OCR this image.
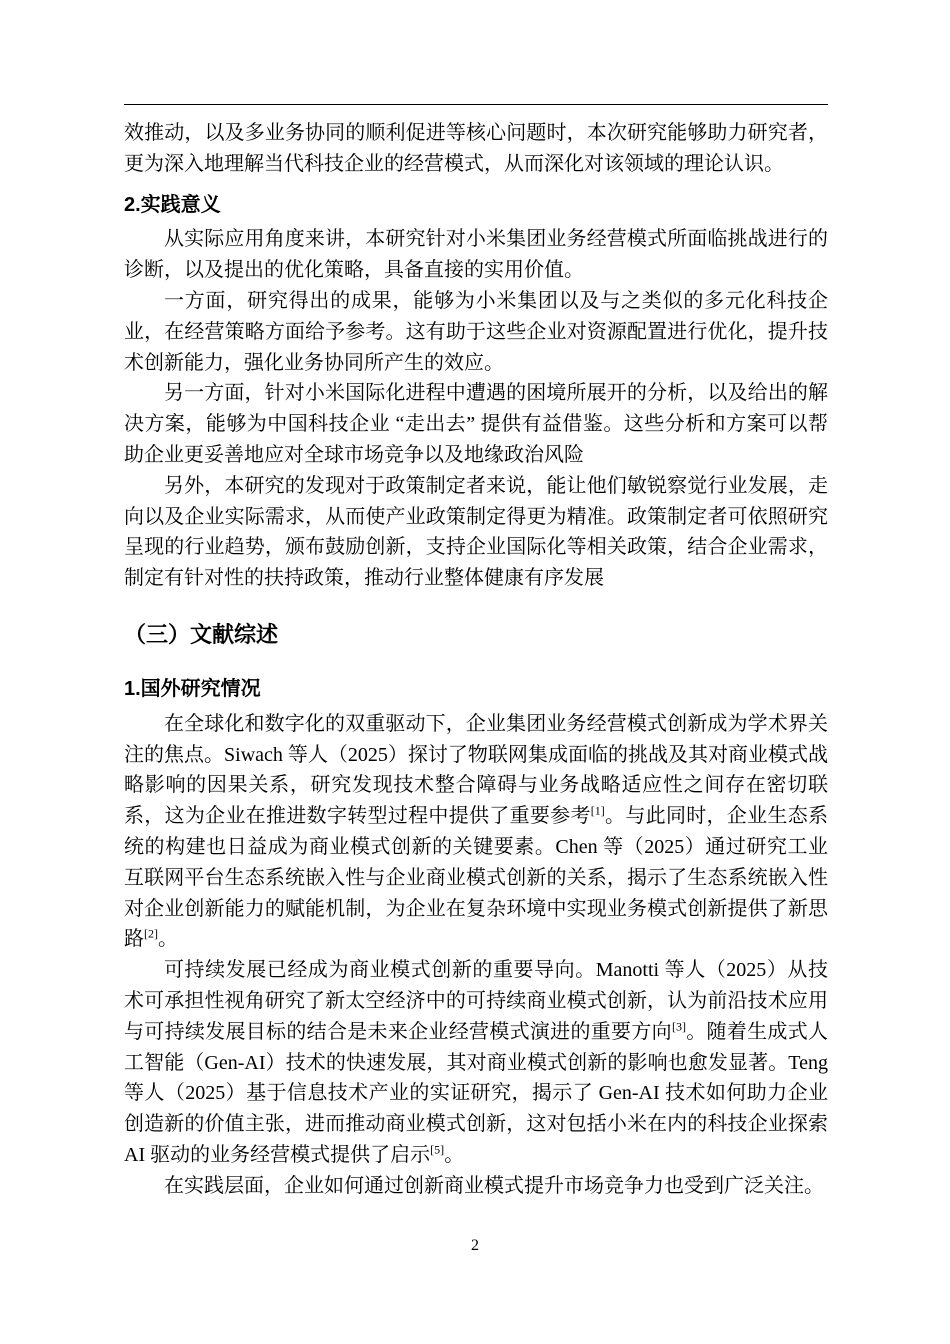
效推动，以及多业务协同的顺利促进等核心问题时，本次研究能够助力研究者，更为深入地理解当代科技企业的经营模式，从而深化对该领域的理论认识。

2.实践意义

从实际应用角度来讲，本研究针对小米集团业务经营模式所面临挑战进行的诊断，以及提出的优化策略，具备直接的实用价值。

一方面，研究得出的成果，能够为小米集团以及与之类似的多元化科技企业，在经营策略方面给予参考。这有助于这些企业对资源配置进行优化，提升技术创新能力，强化业务协同所产生的效应。

另一方面，针对小米国际化进程中遭遇的困境所展开的分析，以及给出的解决方案，能够为中国科技企业 “走出去” 提供有益借鉴。这些分析和方案可以帮助企业更妥善地应对全球市场竞争以及地缘政治风险

另外，本研究的发现对于政策制定者来说，能让他们敏锐察觉行业发展，走向以及企业实际需求，从而使产业政策制定得更为精准。政策制定者可依照研究呈现的行业趋势，颁布鼓励创新，支持企业国际化等相关政策，结合企业需求，制定有针对性的扶持政策，推动行业整体健康有序发展

（三）文献综述
1.国外研究情况

在全球化和数字化的双重驱动下，企业集团业务经营模式创新成为学术界关注的焦点。Siwach 等人（2025）探讨了物联网集成面临的挑战及其对商业模式战略影响的因果关系，研究发现技术整合障碍与业务战略适应性之间存在密切联系，这为企业在推进数字转型过程中提供了重要参考[1]。与此同时，企业生态系统的构建也日益成为商业模式创新的关键要素。Chen 等（2025）通过研究工业互联网平台生态系统嵌入性与企业商业模式创新的关系，揭示了生态系统嵌入性对企业创新能力的赋能机制，为企业在复杂环境中实现业务模式创新提供了新思路[2]。

可持续发展已经成为商业模式创新的重要导向。Manotti 等人（2025）从技术可承担性视角研究了新太空经济中的可持续商业模式创新，认为前沿技术应用与可持续发展目标的结合是未来企业经营模式演进的重要方向[3]。随着生成式人工智能（Gen-AI）技术的快速发展，其对商业模式创新的影响也愈发显著。Teng 等人（2025）基于信息技术产业的实证研究，揭示了 Gen-AI 技术如何助力企业创造新的价值主张，进而推动商业模式创新，这对包括小米在内的科技企业探索 AI 驱动的业务经营模式提供了启示[5]。

在实践层面，企业如何通过创新商业模式提升市场竞争力也受到广泛关注。

2
